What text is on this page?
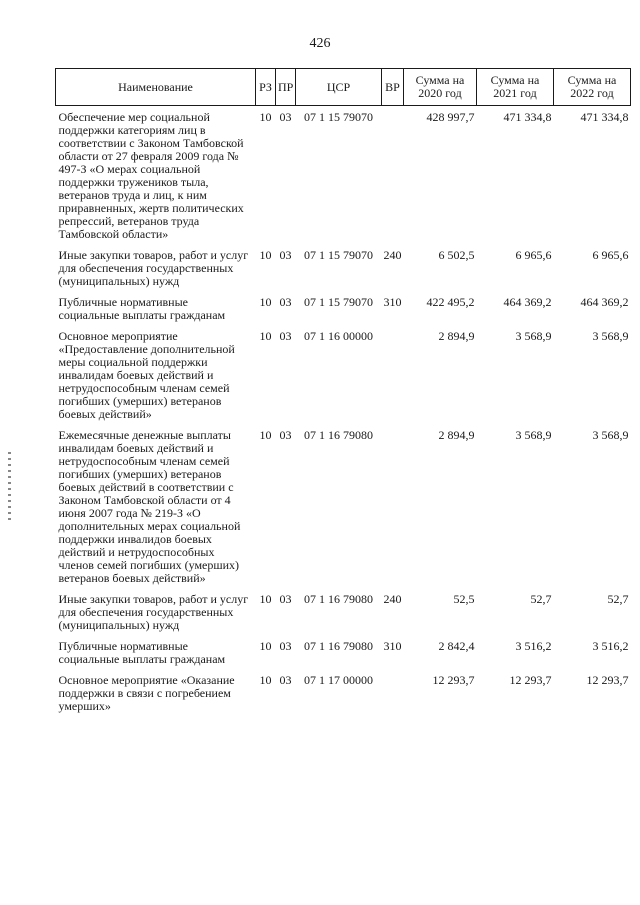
426
Наименование	РЗ	ПР	ЦСР	ВР	Сумма на 2020 год	Сумма на 2021 год	Сумма на 2022 год
Обеспечение мер социальной поддержки категориям лиц в соответствии с Законом Тамбовской области от 27 февраля 2009 года № 497-З «О мерах социальной поддержки тружеников тыла, ветеранов труда и лиц, к ним приравненных, жертв политических репрессий, ветеранов труда Тамбовской области»	10	03	07 1 15 79070		428 997,7	471 334,8	471 334,8
Иные закупки товаров, работ и услуг для обеспечения государственных (муниципальных) нужд	10	03	07 1 15 79070	240	6 502,5	6 965,6	6 965,6
Публичные нормативные социальные выплаты гражданам	10	03	07 1 15 79070	310	422 495,2	464 369,2	464 369,2
Основное мероприятие «Предоставление дополнительной меры социальной поддержки инвалидам боевых действий и нетрудоспособным членам семей погибших (умерших) ветеранов боевых действий»	10	03	07 1 16 00000		2 894,9	3 568,9	3 568,9
Ежемесячные денежные выплаты инвалидам боевых действий и нетрудоспособным членам семей погибших (умерших) ветеранов боевых действий в соответствии с Законом Тамбовской области от 4 июня 2007 года № 219-З «О дополнительных мерах социальной поддержки инвалидов боевых действий и нетрудоспособных членов семей погибших (умерших) ветеранов боевых действий»	10	03	07 1 16 79080		2 894,9	3 568,9	3 568,9
Иные закупки товаров, работ и услуг для обеспечения государственных (муниципальных) нужд	10	03	07 1 16 79080	240	52,5	52,7	52,7
Публичные нормативные социальные выплаты гражданам	10	03	07 1 16 79080	310	2 842,4	3 516,2	3 516,2
Основное мероприятие «Оказание поддержки в связи с погребением умерших»	10	03	07 1 17 00000		12 293,7	12 293,7	12 293,7
